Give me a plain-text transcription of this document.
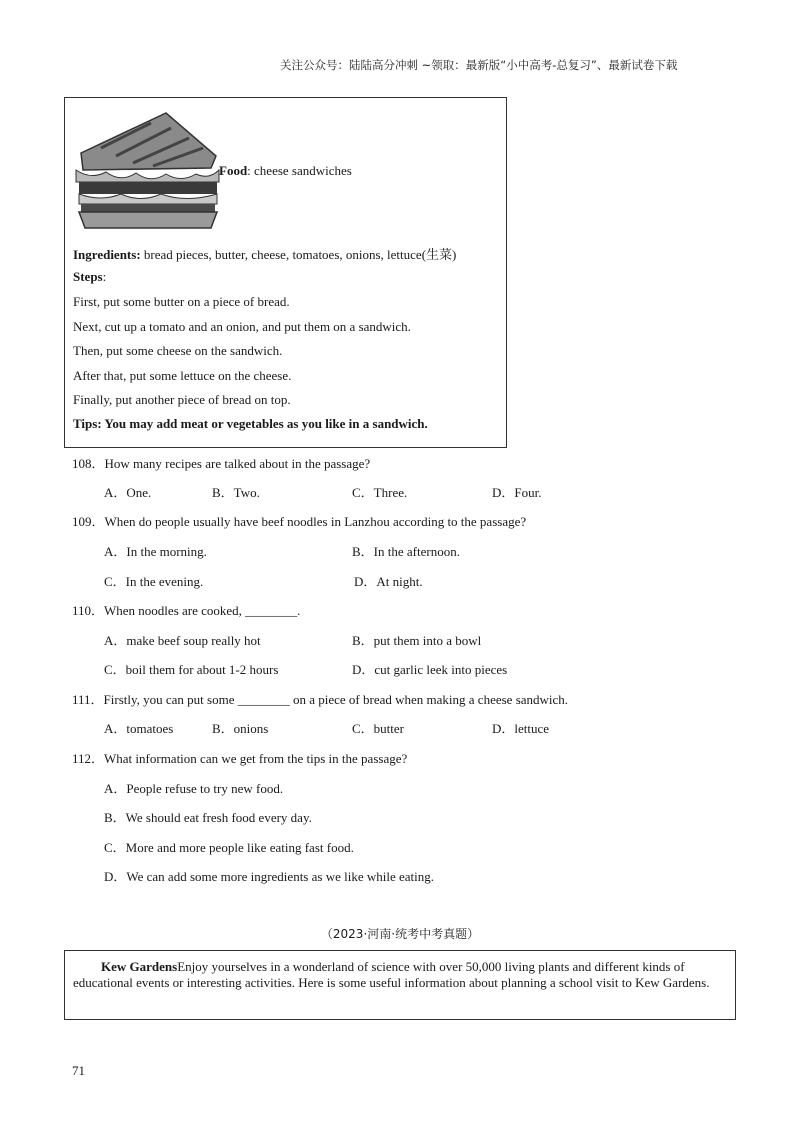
关注公众号：陆陆高分冲刺 ~领取：最新版“小中高考-总复习”、最新试卷下载
Food: cheese sandwiches
Ingredients: bread pieces, butter, cheese, tomatoes, onions, lettuce(生菜)
Steps:
First, put some butter on a piece of bread.
Next, cut up a tomato and an onion, and put them on a sandwich.
Then, put some cheese on the sandwich.
After that, put some lettuce on the cheese.
Finally, put another piece of bread on top.
Tips: You may add meat or vegetables as you like in a sandwich.
108．How many recipes are talked about in the passage?
A．One.	B．Two.	C．Three.	D．Four.
109．When do people usually have beef noodles in Lanzhou according to the passage?
A．In the morning.	B．In the afternoon.
C．In the evening.	D．At night.
110．When noodles are cooked, ________.
A．make beef soup really hot	B．put them into a bowl
C．boil them for about 1-2 hours	D．cut garlic leek into pieces
111．Firstly, you can put some ________ on a piece of bread when making a cheese sandwich.
A．tomatoes	B．onions	C．butter	D．lettuce
112．What information can we get from the tips in the passage?
A．People refuse to try new food.
B．We should eat fresh food every day.
C．More and more people like eating fast food.
D．We can add some more ingredients as we like while eating.
（2023·河南·统考中考真题）
Kew GardensEnjoy yourselves in a wonderland of science with over 50,000 living plants and different kinds of educational events or interesting activities. Here is some useful information about planning a school visit to Kew Gardens.
71
